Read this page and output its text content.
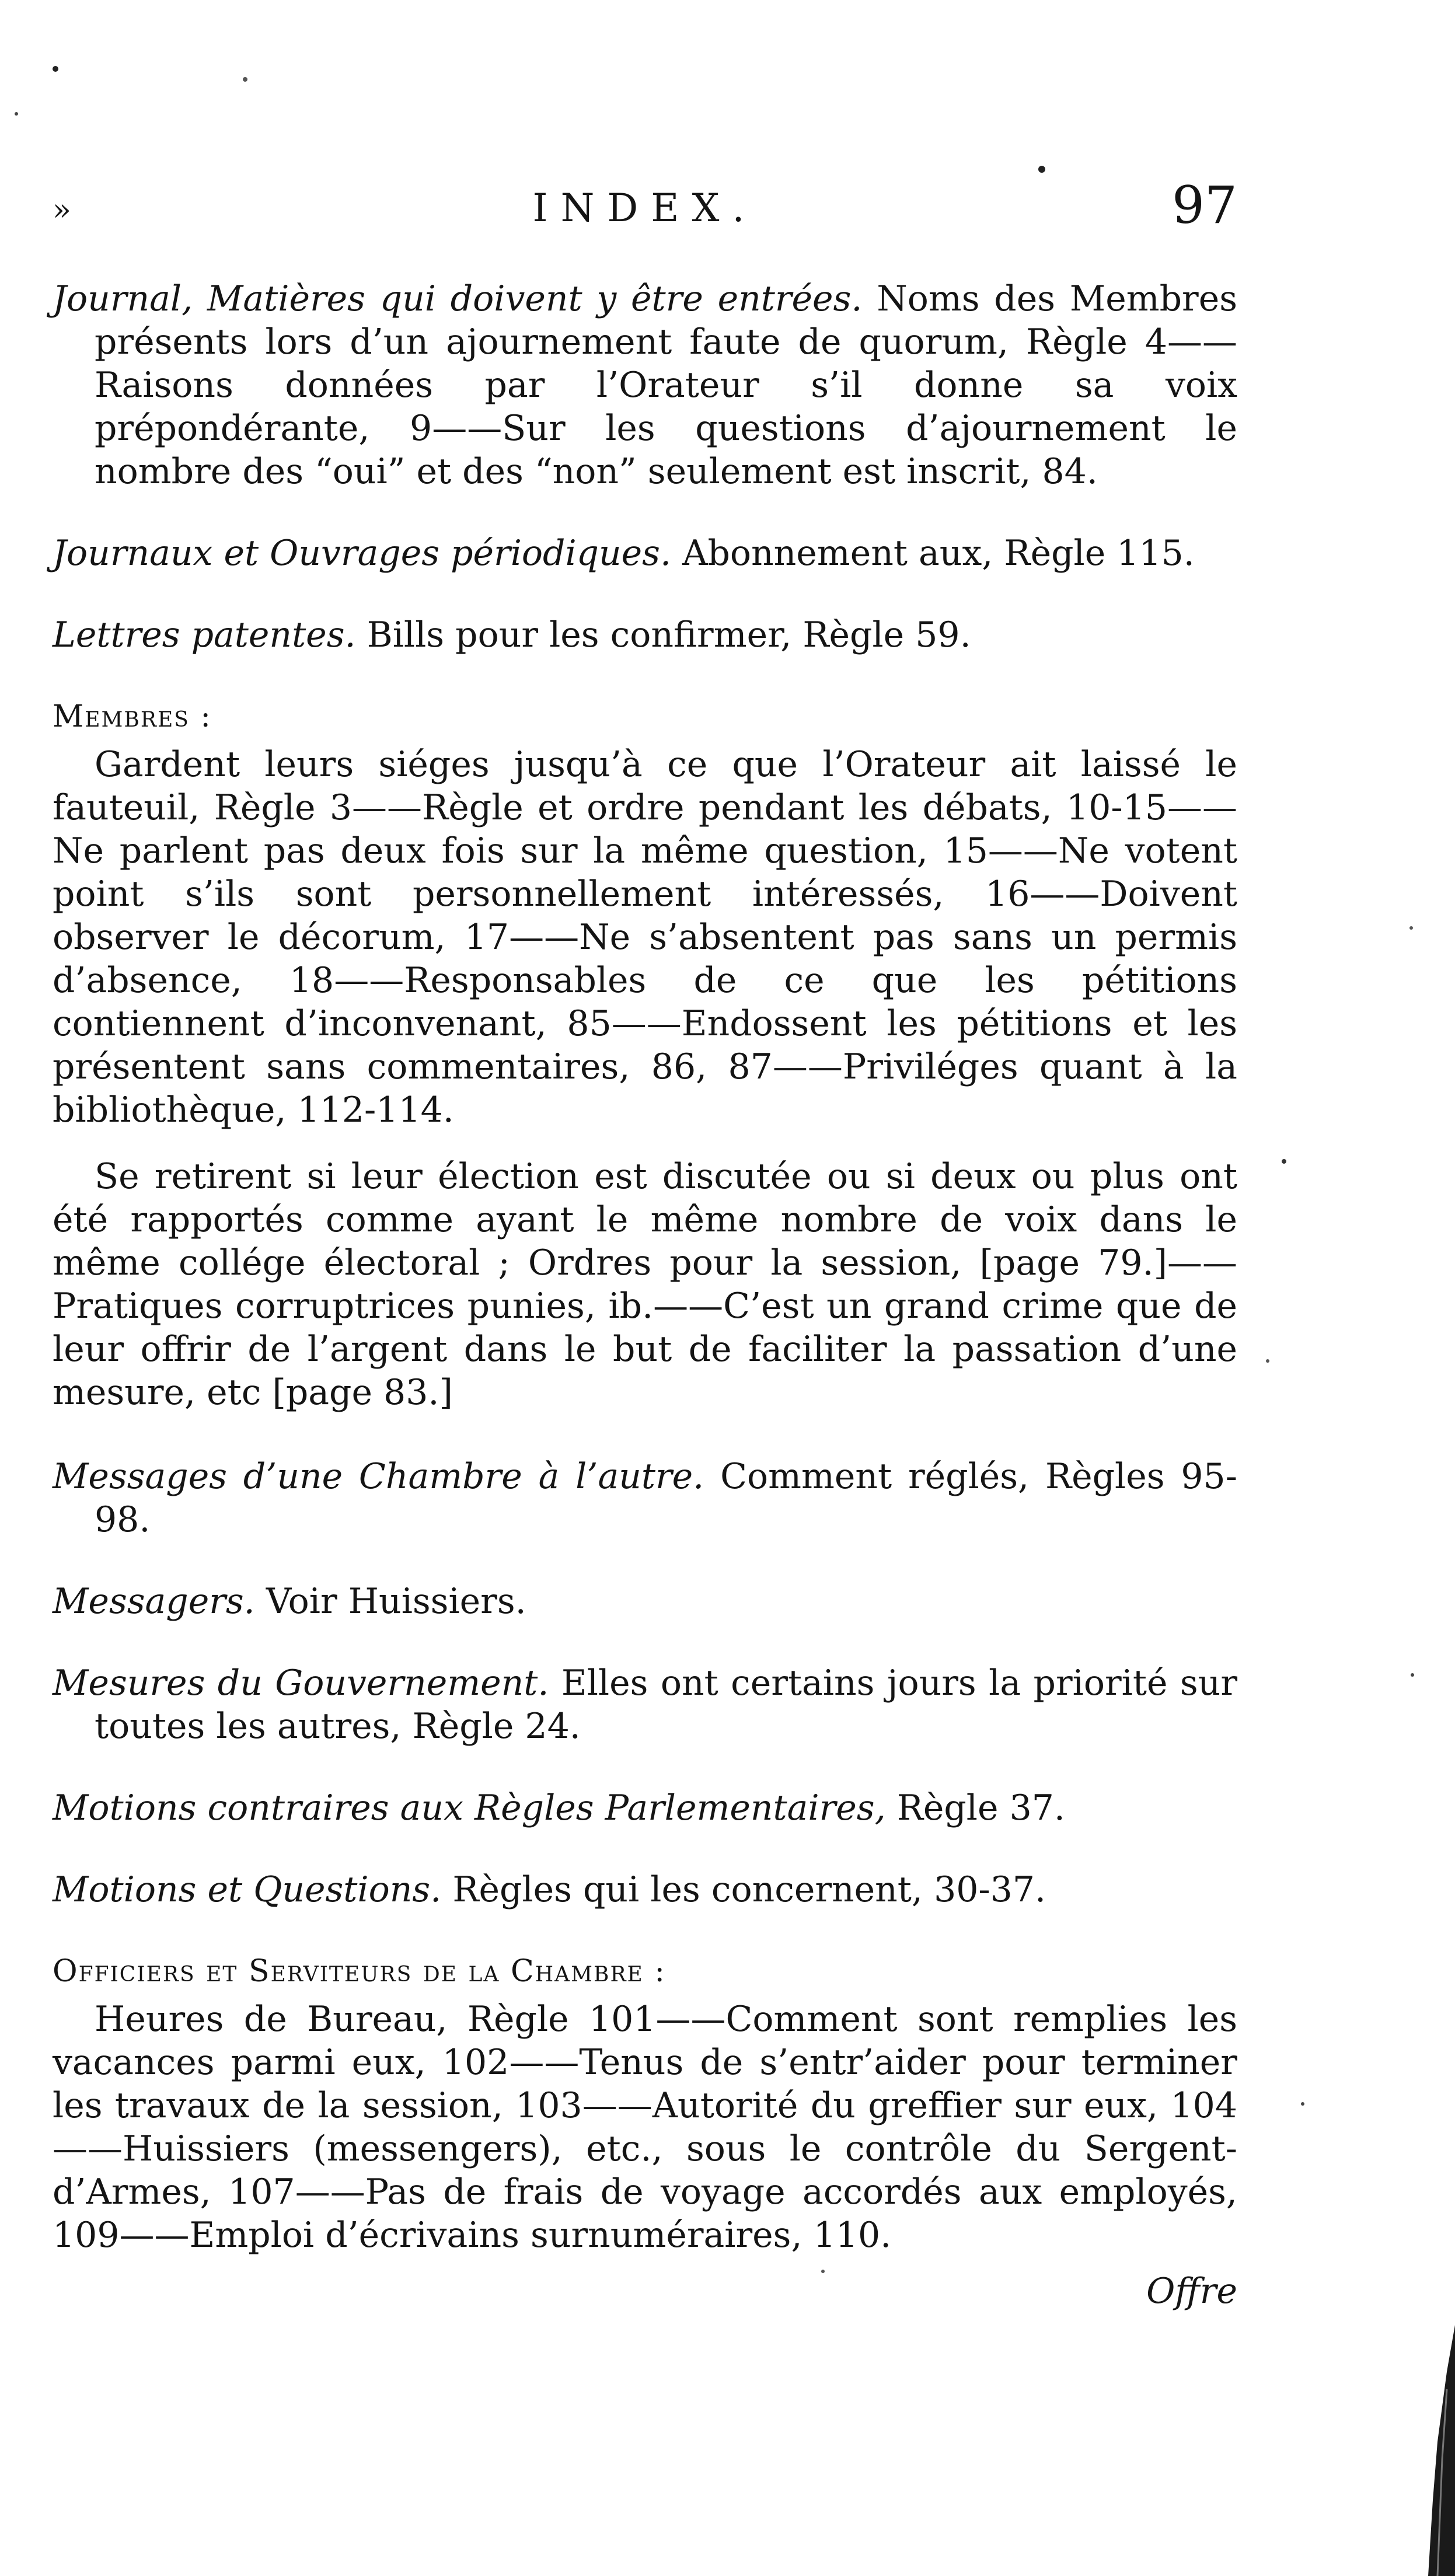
»	INDEX.	97

Journal, Matières qui doivent y être entrées. Noms des Membres présents lors d’un ajournement faute de quorum, Règle 4——Raisons données par l’Orateur s’il donne sa voix prépondérante, 9——Sur les questions d’ajournement le nombre des “oui” et des “non” seulement est inscrit, 84.

Journaux et Ouvrages périodiques. Abonnement aux, Règle 115.

Lettres patentes. Bills pour les confirmer, Règle 59.

Membres :

Gardent leurs siéges jusqu’à ce que l’Orateur ait laissé le fauteuil, Règle 3——Règle et ordre pendant les débats, 10-15——Ne parlent pas deux fois sur la même question, 15——Ne votent point s’ils sont personnellement intéressés, 16——Doivent observer le décorum, 17——Ne s’absentent pas sans un permis d’absence, 18——Responsables de ce que les pétitions contiennent d’inconvenant, 85——Endossent les pétitions et les présentent sans commentaires, 86, 87——Priviléges quant à la bibliothèque, 112-114.

Se retirent si leur élection est discutée ou si deux ou plus ont été rapportés comme ayant le même nombre de voix dans le même collége électoral ; Ordres pour la session, [page 79.]——Pratiques corruptrices punies, ib.——C’est un grand crime que de leur offrir de l’argent dans le but de faciliter la passation d’une mesure, etc [page 83.]

Messages d’une Chambre à l’autre. Comment réglés, Règles 95-98.

Messagers. Voir Huissiers.

Mesures du Gouvernement. Elles ont certains jours la priorité sur toutes les autres, Règle 24.

Motions contraires aux Règles Parlementaires, Règle 37.

Motions et Questions. Règles qui les concernent, 30-37.

Officiers et Serviteurs de la Chambre :

Heures de Bureau, Règle 101——Comment sont remplies les vacances parmi eux, 102——Tenus de s’entr’aider pour terminer les travaux de la session, 103——Autorité du greffier sur eux, 104——Huissiers (messengers), etc., sous le contrôle du Sergent-d’Armes, 107——Pas de frais de voyage accordés aux employés, 109——Emploi d’écrivains surnuméraires, 110.

Offre
